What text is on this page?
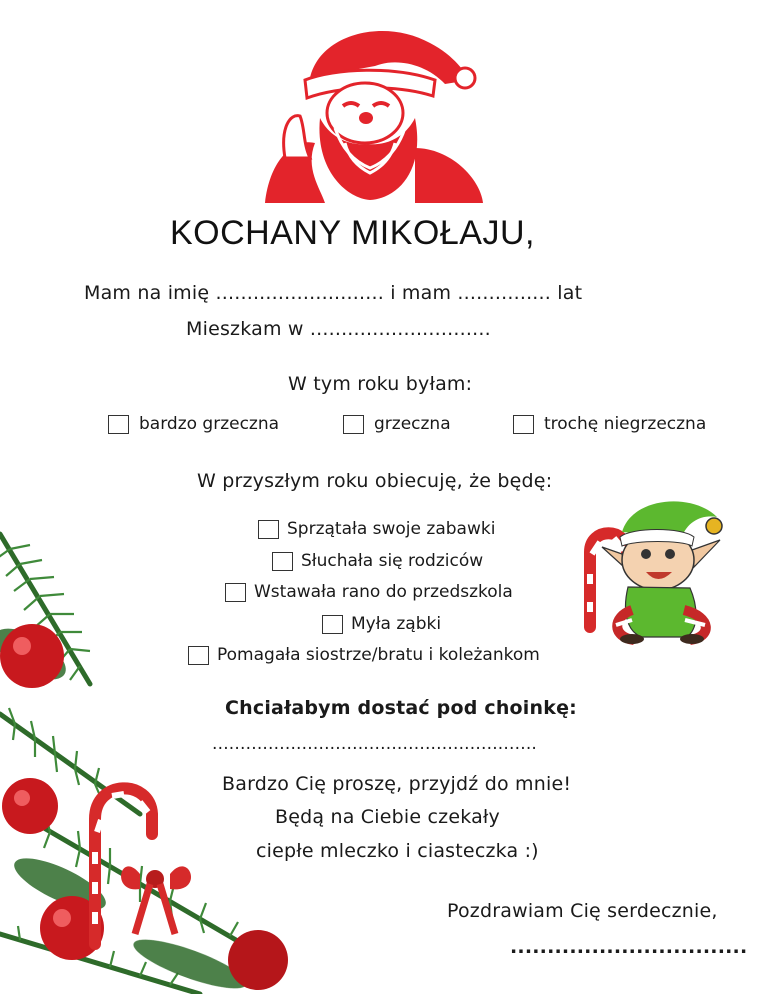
KOCHANY MIKOŁAJU,
Mam na imię ........................... i mam ............... lat
Mieszkam w .............................
W tym roku byłam:
bardzo grzeczna	grzeczna	trochę niegrzeczna
W przyszłym roku obiecuję, że będę:
Sprzątała swoje zabawki
Słuchała się rodziców
Wstawała rano do przedszkola
Myła ząbki
Pomagała siostrze/bratu i koleżankom
Chciałabym dostać pod choinkę:
..........................................................
Bardzo Cię proszę, przyjdź do mnie!
Będą na Ciebie czekały
ciepłe mleczko i ciasteczka :)
Pozdrawiam Cię serdecznie,
................................
